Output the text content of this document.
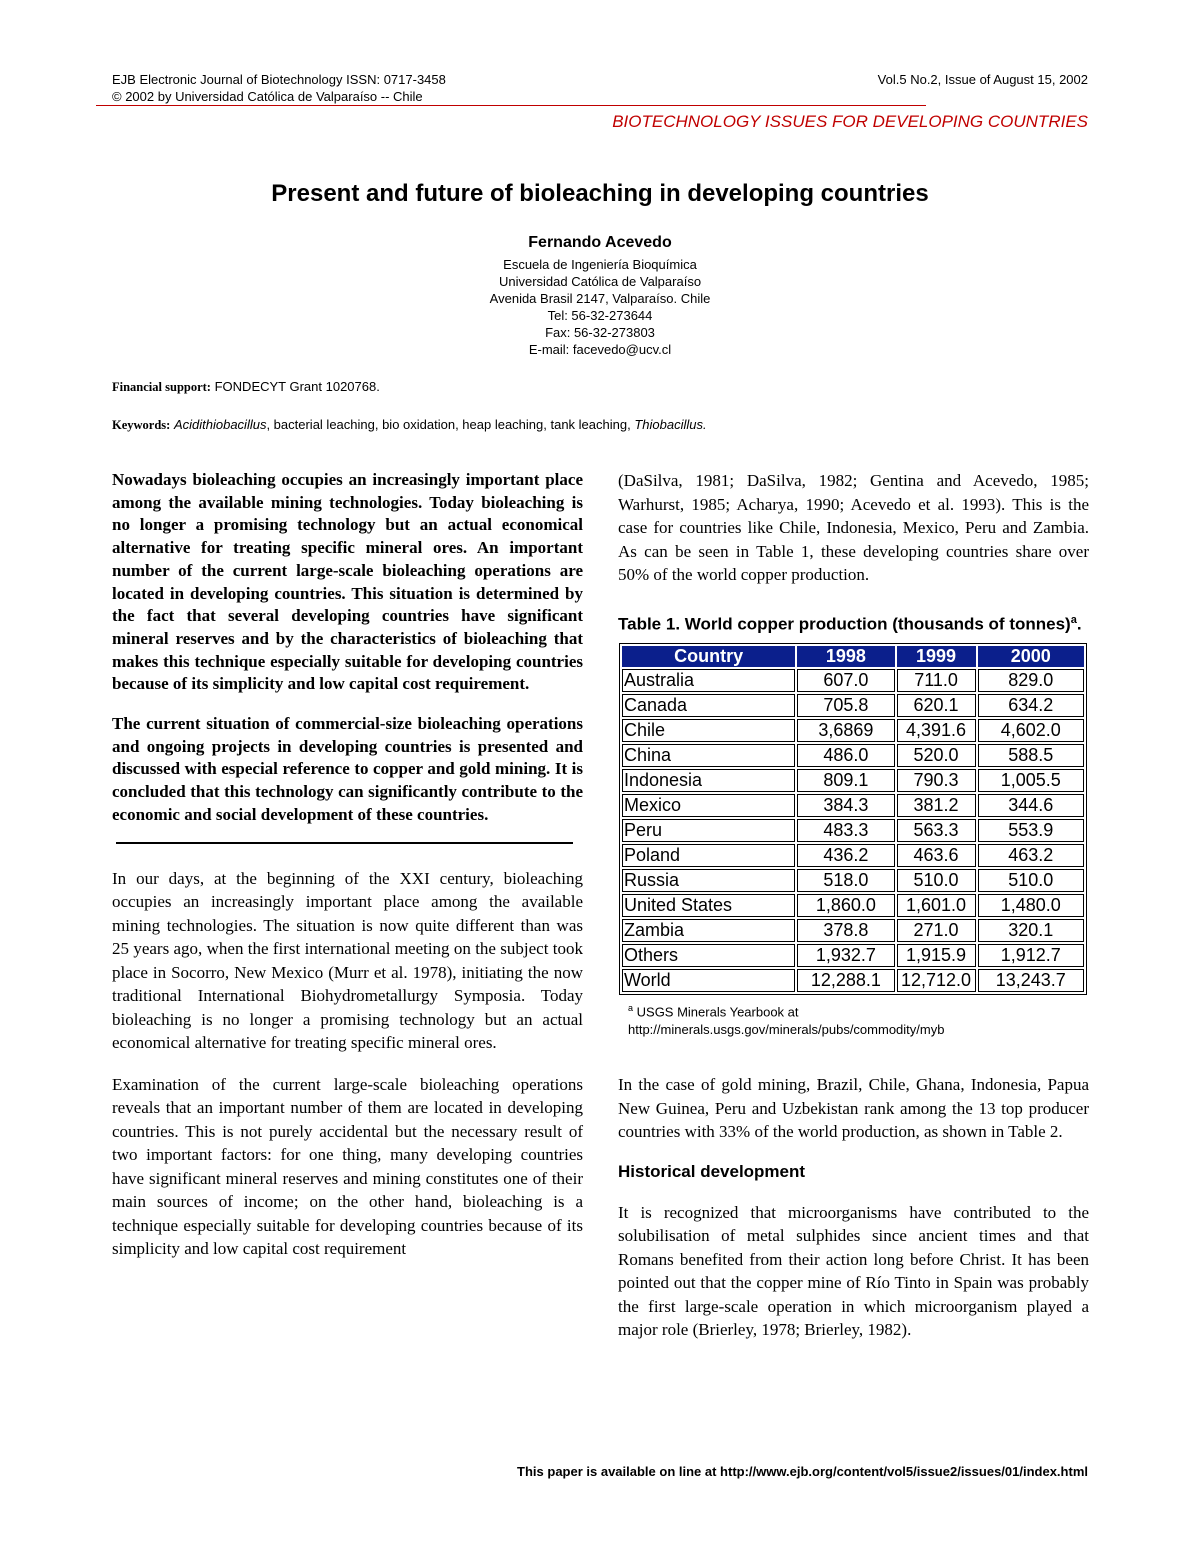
EJB Electronic Journal of Biotechnology ISSN: 0717-3458
© 2002 by Universidad Católica de Valparaíso -- Chile
Vol.5 No.2, Issue of August 15, 2002
BIOTECHNOLOGY ISSUES FOR DEVELOPING COUNTRIES
Present and future of bioleaching in developing countries
Fernando Acevedo
Escuela de Ingeniería Bioquímica
Universidad Católica de Valparaíso
Avenida Brasil 2147, Valparaíso. Chile
Tel: 56-32-273644
Fax: 56-32-273803
E-mail: facevedo@ucv.cl
Financial support: FONDECYT Grant 1020768.
Keywords: Acidithiobacillus, bacterial leaching, bio oxidation, heap leaching, tank leaching, Thiobacillus.

Nowadays bioleaching occupies an increasingly important place among the available mining technologies. Today bioleaching is no longer a promising technology but an actual economical alternative for treating specific mineral ores. An important number of the current large-scale bioleaching operations are located in developing countries. This situation is determined by the fact that several developing countries have significant mineral reserves and by the characteristics of bioleaching that makes this technique especially suitable for developing countries because of its simplicity and low capital cost requirement.

The current situation of commercial-size bioleaching operations and ongoing projects in developing countries is presented and discussed with especial reference to copper and gold mining. It is concluded that this technology can significantly contribute to the economic and social development of these countries.

In our days, at the beginning of the XXI century, bioleaching occupies an increasingly important place among the available mining technologies. The situation is now quite different than was 25 years ago, when the first international meeting on the subject took place in Socorro, New Mexico (Murr et al. 1978), initiating the now traditional International Biohydrometallurgy Symposia. Today bioleaching is no longer a promising technology but an actual economical alternative for treating specific mineral ores.

Examination of the current large-scale bioleaching operations reveals that an important number of them are located in developing countries. This is not purely accidental but the necessary result of two important factors: for one thing, many developing countries have significant mineral reserves and mining constitutes one of their main sources of income; on the other hand, bioleaching is a technique especially suitable for developing countries because of its simplicity and low capital cost requirement

(DaSilva, 1981; DaSilva, 1982; Gentina and Acevedo, 1985; Warhurst, 1985; Acharya, 1990; Acevedo et al. 1993). This is the case for countries like Chile, Indonesia, Mexico, Peru and Zambia. As can be seen in Table 1, these developing countries share over 50% of the world copper production.

Table 1. World copper production (thousands of tonnes)$^a$.
Country	1998	1999	2000
Australia	607.0	711.0	829.0
Canada	705.8	620.1	634.2
Chile	3,6869	4,391.6	4,602.0
China	486.0	520.0	588.5
Indonesia	809.1	790.3	1,005.5
Mexico	384.3	381.2	344.6
Peru	483.3	563.3	553.9
Poland	436.2	463.6	463.2
Russia	518.0	510.0	510.0
United States	1,860.0	1,601.0	1,480.0
Zambia	378.8	271.0	320.1
Others	1,932.7	1,915.9	1,912.7
World	12,288.1	12,712.0	13,243.7
$^a$ USGS Minerals Yearbook at
http://minerals.usgs.gov/minerals/pubs/commodity/myb

In the case of gold mining, Brazil, Chile, Ghana, Indonesia, Papua New Guinea, Peru and Uzbekistan rank among the 13 top producer countries with 33% of the world production, as shown in Table 2.

Historical development

It is recognized that microorganisms have contributed to the solubilisation of metal sulphides since ancient times and that Romans benefited from their action long before Christ. It has been pointed out that the copper mine of Río Tinto in Spain was probably the first large-scale operation in which microorganism played a major role (Brierley, 1978; Brierley, 1982).

This paper is available on line at http://www.ejb.org/content/vol5/issue2/issues/01/index.html
